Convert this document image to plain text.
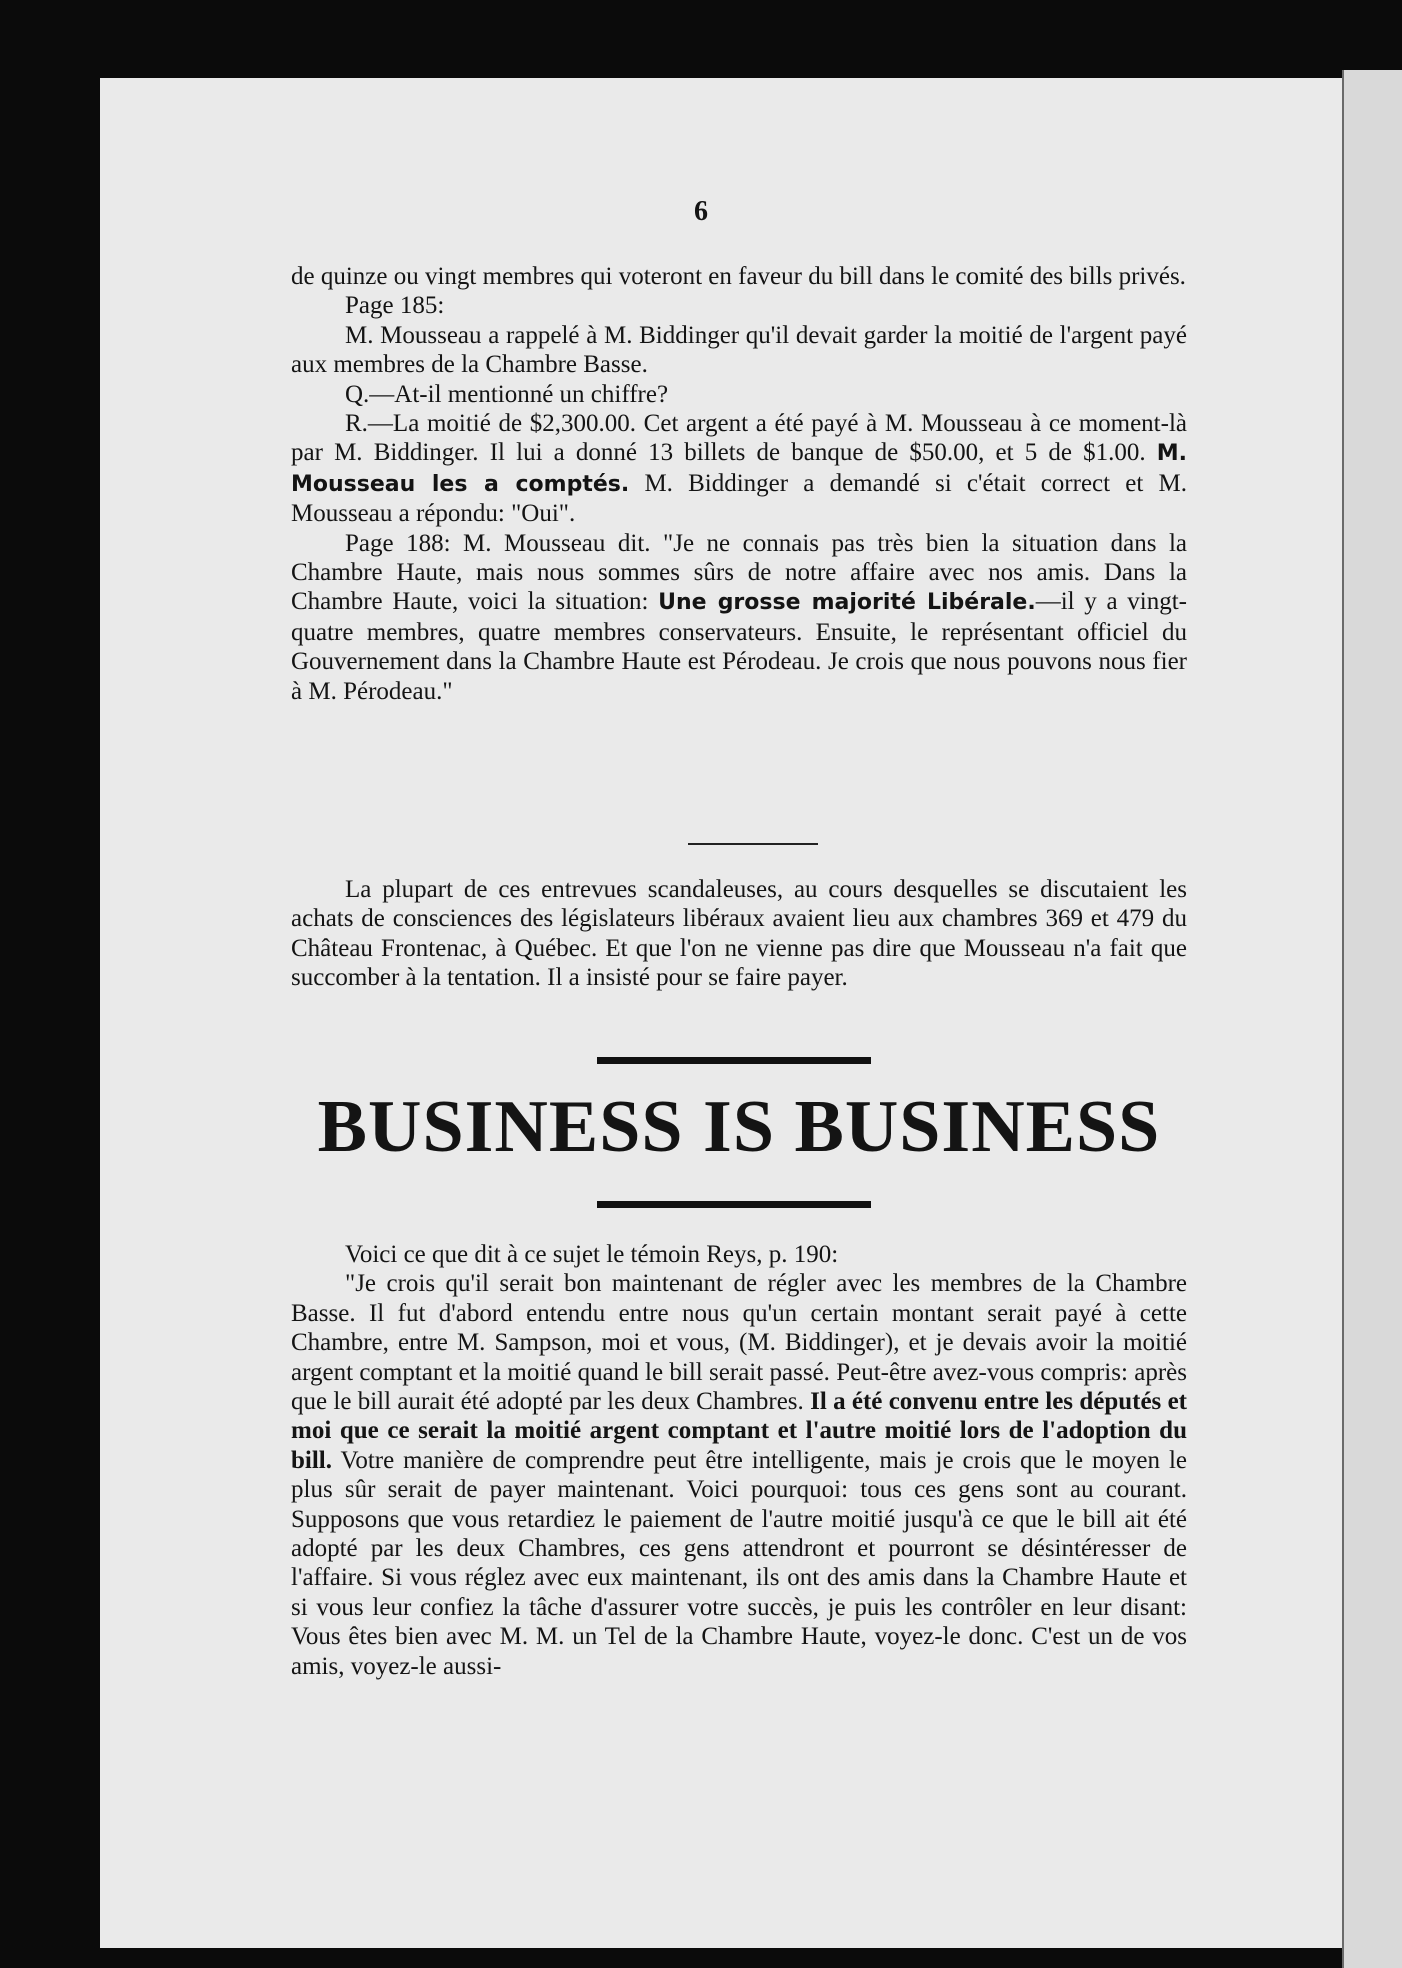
6

de quinze ou vingt membres qui voteront en faveur du bill dans le comité des bills privés.

Page 185:

M. Mousseau a rappelé à M. Biddinger qu'il devait garder la moitié de l'argent payé aux membres de la Chambre Basse.

Q.—At-il mentionné un chiffre?

R.—La moitié de $2,300.00. Cet argent a été payé à M. Mousseau à ce moment-là par M. Biddinger. Il lui a donné 13 billets de banque de $50.00, et 5 de $1.00. M. Mousseau les a comptés. M. Biddinger a demandé si c'était correct et M. Mousseau a répondu: "Oui".

Page 188: M. Mousseau dit. "Je ne connais pas très bien la situation dans la Chambre Haute, mais nous sommes sûrs de notre affaire avec nos amis. Dans la Chambre Haute, voici la situation: Une grosse majorité Libérale.—il y a vingt-quatre membres, quatre membres conservateurs. Ensuite, le représentant officiel du Gouvernement dans la Chambre Haute est Pérodeau. Je crois que nous pouvons nous fier à M. Pérodeau."

La plupart de ces entrevues scandaleuses, au cours desquelles se discutaient les achats de consciences des législateurs libéraux avaient lieu aux chambres 369 et 479 du Château Frontenac, à Québec. Et que l'on ne vienne pas dire que Mousseau n'a fait que succomber à la tentation. Il a insisté pour se faire payer.

BUSINESS IS BUSINESS

Voici ce que dit à ce sujet le témoin Reys, p. 190:

"Je crois qu'il serait bon maintenant de régler avec les membres de la Chambre Basse. Il fut d'abord entendu entre nous qu'un certain montant serait payé à cette Chambre, entre M. Sampson, moi et vous, (M. Biddinger), et je devais avoir la moitié argent comptant et la moitié quand le bill serait passé. Peut-être avez-vous compris: après que le bill aurait été adopté par les deux Chambres. Il a été convenu entre les députés et moi que ce serait la moitié argent comptant et l'autre moitié lors de l'adoption du bill. Votre manière de comprendre peut être intelligente, mais je crois que le moyen le plus sûr serait de payer maintenant. Voici pourquoi: tous ces gens sont au courant. Supposons que vous retardiez le paiement de l'autre moitié jusqu'à ce que le bill ait été adopté par les deux Chambres, ces gens attendront et pourront se désintéresser de l'affaire. Si vous réglez avec eux maintenant, ils ont des amis dans la Chambre Haute et si vous leur confiez la tâche d'assurer votre succès, je puis les contrôler en leur disant: Vous êtes bien avec M. M. un Tel de la Chambre Haute, voyez-le donc. C'est un de vos amis, voyez-le aussi-
